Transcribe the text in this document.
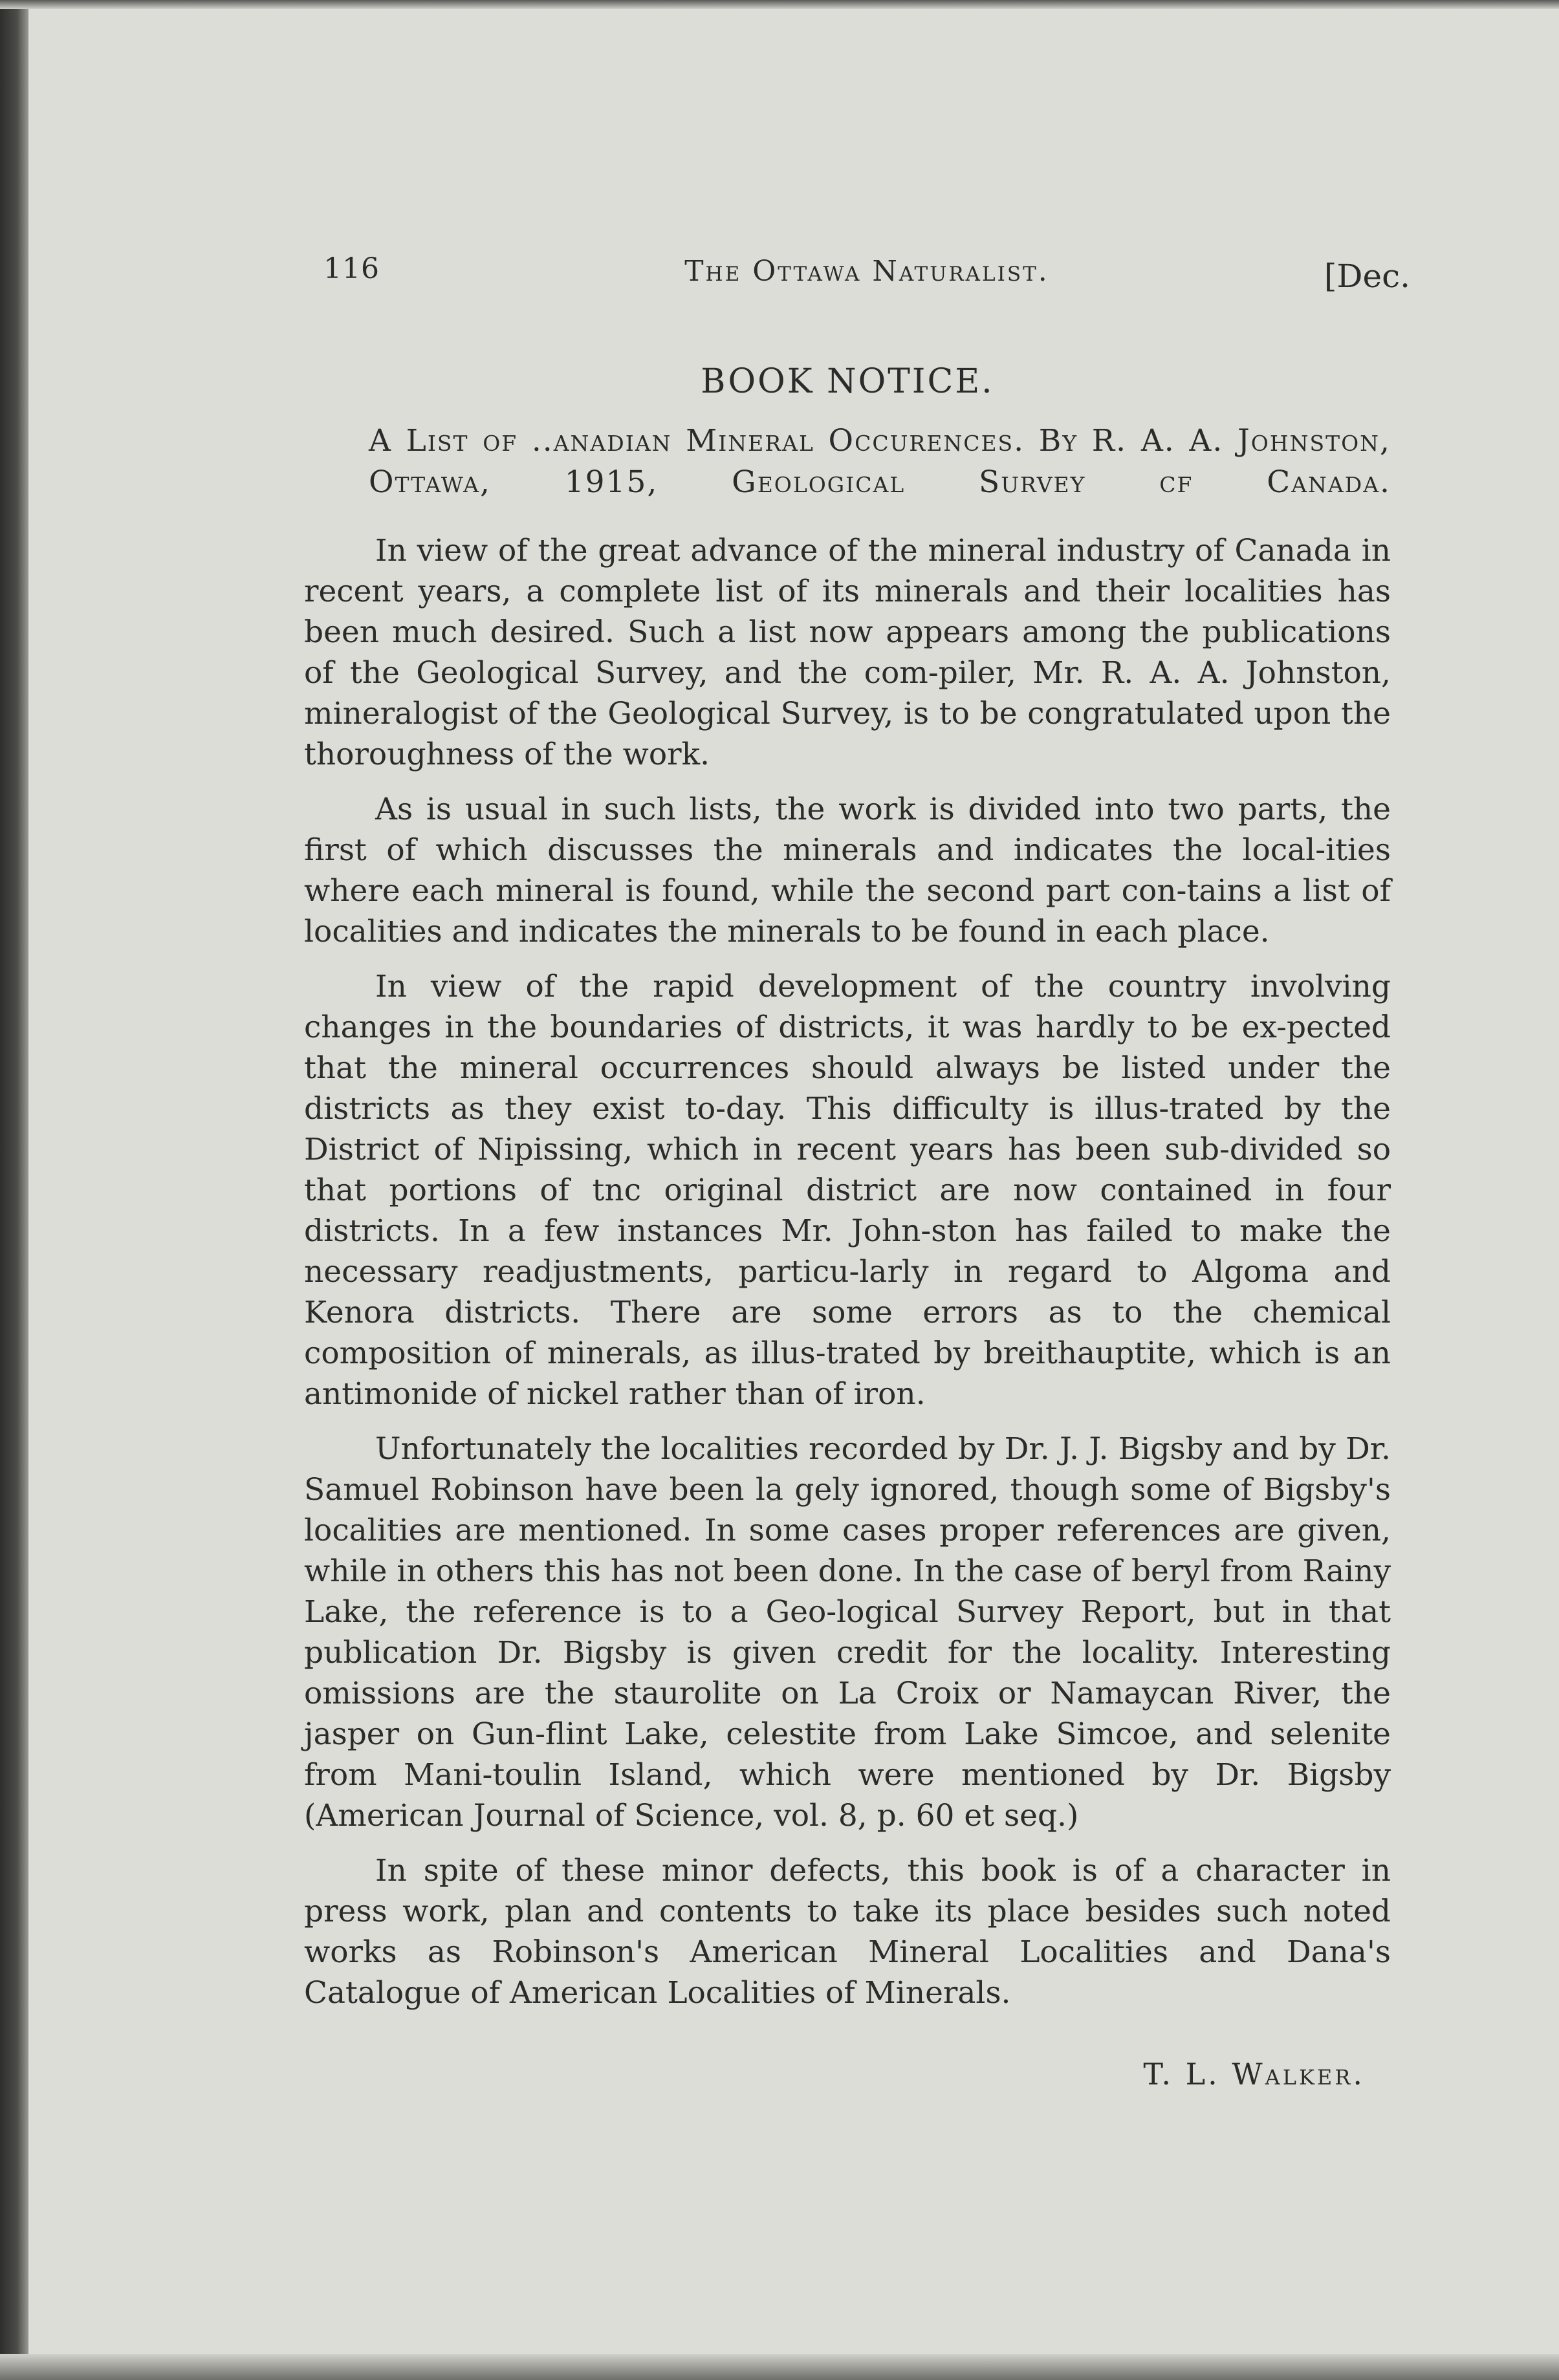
116	The Ottawa Naturalist.	[Dec.
BOOK NOTICE.
A List of ..anadian Mineral Occurences. By R. A. A. Johnston, Ottawa, 1915, Geological Survey cf Canada.

In view of the great advance of the mineral industry of Canada in recent years, a complete list of its minerals and their localities has been much desired. Such a list now appears among the publications of the Geological Survey, and the com-piler, Mr. R. A. A. Johnston, mineralogist of the Geological Survey, is to be congratulated upon the thoroughness of the work.

As is usual in such lists, the work is divided into two parts, the first of which discusses the minerals and indicates the local-ities where each mineral is found, while the second part con-tains a list of localities and indicates the minerals to be found in each plac⁠e.

In view of the rapid development of the country involving changes in the boundaries of districts, it was hardly to be ex-pected that the mineral occurrences should always be listed under the districts as they exist to-day. This difficulty is illus-trated by the District of Nipissing, which in recent years has been sub-divided so that portions of tnc original district are now contained in four districts. In a few instances Mr. John-ston has failed to make the necessary readjustments, particu-larly in regard to Algoma and Kenora districts. There are some errors as to the chemical composition of minerals, as illus-trated by breithauptite, which is an antimonide of nickel rather than of iron.

Unfortunately the localities recorded by Dr. J. J. Bigsby and by Dr. Samuel Robinson have been la gely ignored, though some of Bigsby's localities are mentioned. In some cases proper references are given, while in others this has not been done. In the case of beryl from Rainy Lake, the reference is to a Geo-logical Survey Report, but in that publication Dr. Bigsby is given credit for the locality. Interesting omissions are the staurolite on La Croix or Namaycan River, the jasper on Gun-flint Lake, celestite from Lake Simcoe, and selenite from Mani-toulin Island, which were mentioned by Dr. Bigsby (American Journal of Science, vol. 8, p. 60 et seq.)

In spite of these minor defects, this book is of a character in press work, plan and contents to take its place besides such noted works as Robinson's American Mineral Localities and Dana's Catalogue of American Localities of Minerals.

T. L. Walker.
